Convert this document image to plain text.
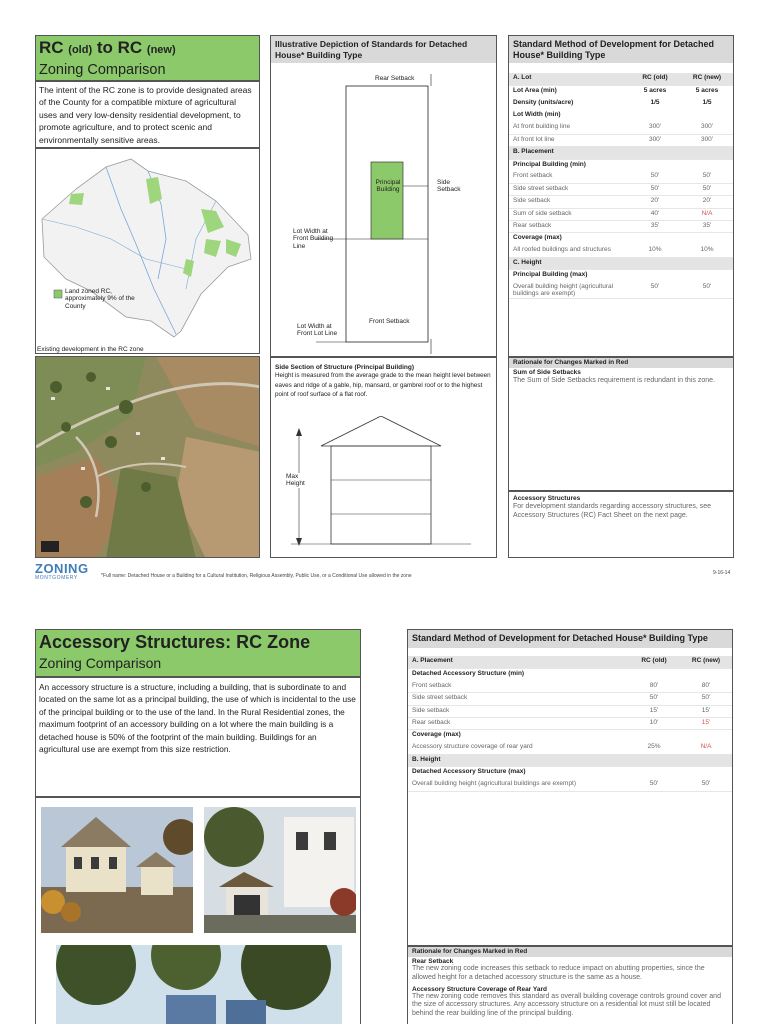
RC (old) to RC (new)
Zoning Comparison
The intent of the RC zone is to provide designated areas of the County for a compatible mixture of agricultural uses and very low-density residential development, to promote agriculture, and to protect scenic and environmentally sensitive areas.
Land zoned RC, approximately 9% of the County
Existing development in the RC zone
ZONING
MONTGOMERY	*Full name: Detached House or a Building for a Cultural Institution, Religious Assembly, Public Use, or a Conditional Use allowed in the zone	9-16-14
Illustrative Depiction of Standards for Detached House* Building Type
Rear Setback
Principal Building
Side Setback
Lot Width at Front Building Line
Front Setback
Lot Width at Front Lot Line
Side Section of Structure (Principal Building)
Height is measured from the average grade to the mean height level between eaves and ridge of a gable, hip, mansard, or gambrel roof or to the highest point of roof surface of a flat roof.
Max Height
Standard Method of Development for Detached House* Building Type
A. Lot	RC (old)	RC (new)
Lot Area (min)	5 acres	5 acres
Density (units/acre)	1/5	1/5
Lot Width (min)		
At front building line	300'	300'
At front lot line	300'	300'
B. Placement		
Principal Building (min)		
Front setback	50'	50'
Side street setback	50'	50'
Side setback	20'	20'
Sum of side setback	40'	N/A
Rear setback	35'	35'
Coverage (max)		
All roofed buildings and structures	10%	10%
C. Height		
Principal Building (max)		
Overall building height (agricultural buildings are exempt)	50'	50'
Rationale for Changes Marked in Red
Sum of Side Setbacks
The Sum of Side Setbacks requirement is redundant in this zone.
Accessory Structures
For development standards regarding accessory structures, see Accessory Structures (RC) Fact Sheet on the next page.
Accessory Structures: RC Zone
Zoning Comparison
An accessory structure is a structure, including a building, that is subordinate to and located on the same lot as a principal building, the use of which is incidental to the use of the principal building or to the use of the land. In the Rural Residential zones, the maximum footprint of an accessory building on a lot where the main building is a detached house is 50% of the footprint of the main building. Buildings for an agricultural use are exempt from this size restriction.
Standard Method of Development for Detached House* Building Type
A. Placement	RC (old)	RC (new)
Detached Accessory Structure (min)		
Front setback	80'	80'
Side street setback	50'	50'
Side setback	15'	15'
Rear setback	10'	15'
Coverage (max)		
Accessory structure coverage of rear yard	25%	N/A
B. Height		
Detached Accessory Structure (max)		
Overall building height (agricultural buildings are exempt)	50'	50'
Rationale for Changes Marked in Red
Rear Setback
The new zoning code increases this setback to reduce impact on abutting properties, since the allowed height for a detached accessory structure is the same as a house.
Accessory Structure Coverage of Rear Yard
The new zoning code removes this standard as overall building coverage controls ground cover and the size of accessory structures. Any accessory structure on a residential lot must still be located behind the rear building line of the principal building.
